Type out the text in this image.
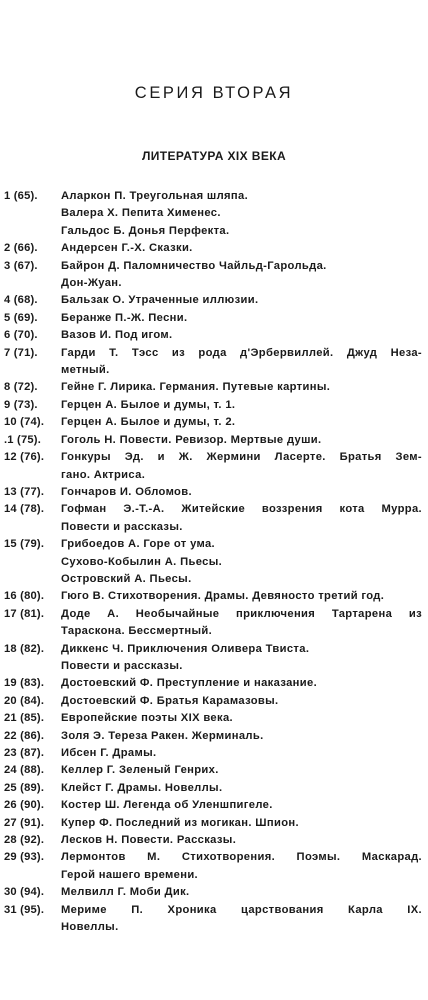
СЕРИЯ ВТОРАЯ
ЛИТЕРАТУРА XIX ВЕКА
1 (65).	Аларкон П. Треугольная шляпа.
Валера Х. Пепита Хименес.
Гальдос Б. Донья Перфекта.
2 (66).	Андерсен Г.-Х. Сказки.
3 (67).	Байрон Д. Паломничество Чайльд-Гарольда.
Дон-Жуан.
4 (68).	Бальзак О. Утраченные иллюзии.
5 (69).	Беранже П.-Ж. Песни.
6 (70).	Вазов И. Под игом.
7 (71).	Гарди Т. Тэсс из рода д'Эрбервиллей. Джуд Неза-
метный.
8 (72).	Гейне Г. Лирика. Германия. Путевые картины.
9 (73).	Герцен А. Былое и думы, т. 1.
10 (74).	Герцен А. Былое и думы, т. 2.
.1 (75).	Гоголь Н. Повести. Ревизор. Мертвые души.
12 (76).	Гонкуры Эд. и Ж. Жермини Ласерте. Братья Зем-
гано. Актриса.
13 (77).	Гончаров И. Обломов.
14 (78).	Гофман Э.-Т.-А. Житейские воззрения кота Мурра.
Повести и рассказы.
15 (79).	Грибоедов А. Горе от ума.
Сухово-Кобылин А. Пьесы.
Островский А. Пьесы.
16 (80).	Гюго В. Стихотворения. Драмы. Девяносто третий год.
17 (81).	Доде А. Необычайные приключения Тартарена из
Тараскона. Бессмертный.
18 (82).	Диккенс Ч. Приключения Оливера Твиста.
Повести и рассказы.
19 (83).	Достоевский Ф. Преступление и наказание.
20 (84).	Достоевский Ф. Братья Карамазовы.
21 (85).	Европейские поэты XIX века.
22 (86).	Золя Э. Тереза Ракен. Жерминаль.
23 (87).	Ибсен Г. Драмы.
24 (88).	Келлер Г. Зеленый Генрих.
25 (89).	Клейст Г. Драмы. Новеллы.
26 (90).	Костер Ш. Легенда об Уленшпигеле.
27 (91).	Купер Ф. Последний из могикан. Шпион.
28 (92).	Лесков Н. Повести. Рассказы.
29 (93).	Лермонтов М. Стихотворения. Поэмы. Маскарад.
Герой нашего времени.
30 (94).	Мелвилл Г. Моби Дик.
31 (95).	Мериме П. Хроника царствования Карла IX.
Новеллы.
